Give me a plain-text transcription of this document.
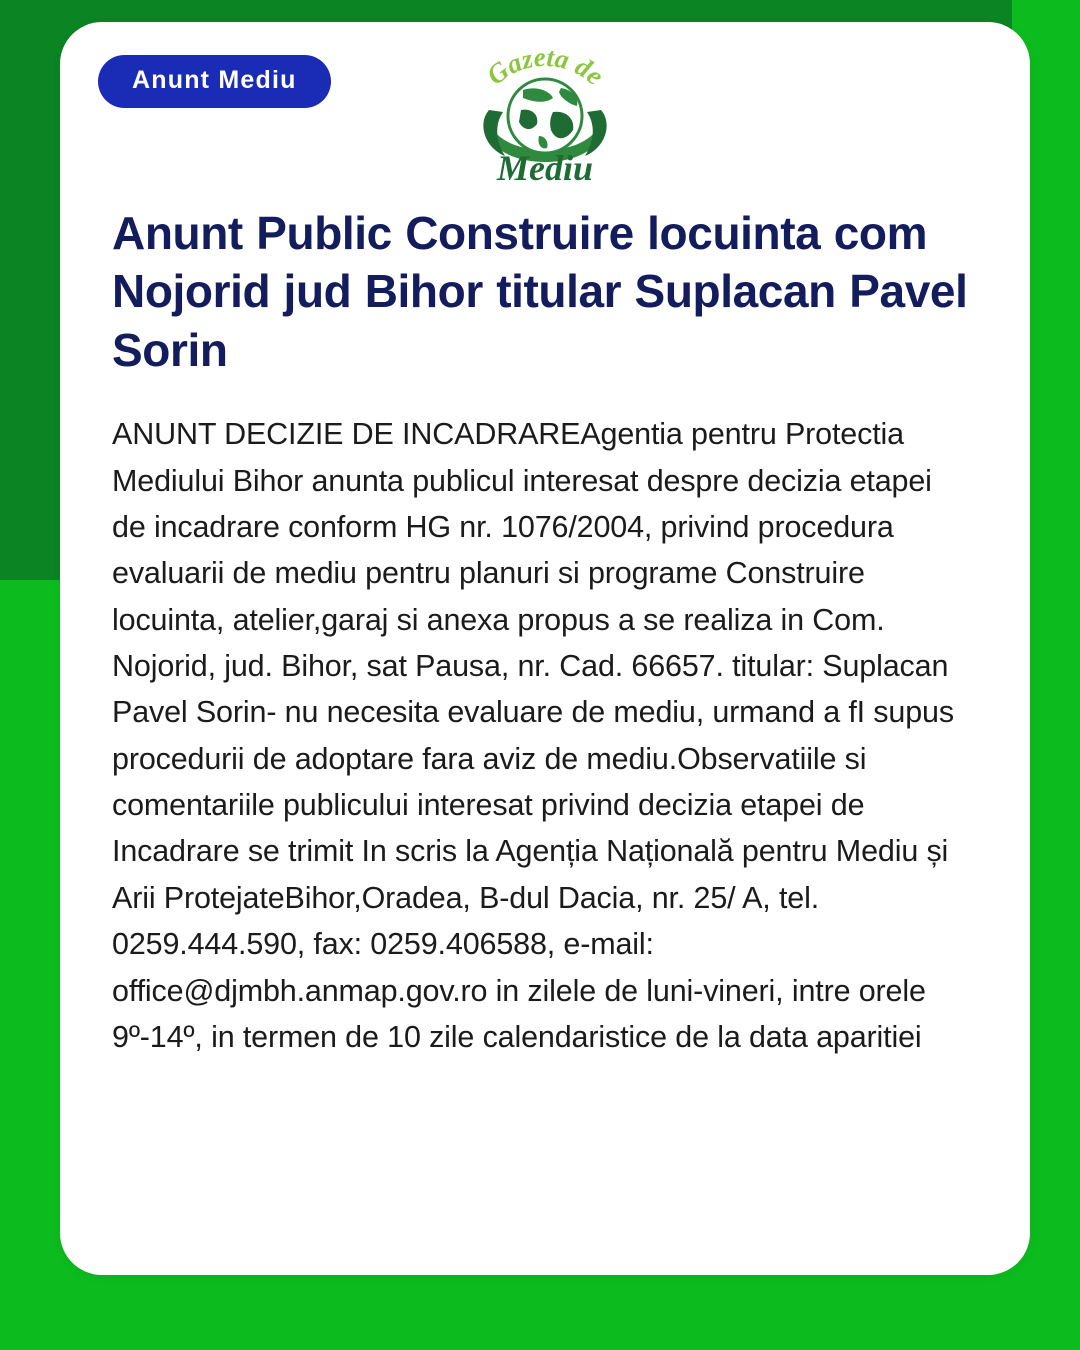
Anunt Mediu	Gazeta de
Mediu
Anunt Public Construire locuinta com Nojorid jud Bihor titular Suplacan Pavel Sorin

ANUNT DECIZIE DE INCADRAREAgentia pentru Protectia Mediului Bihor anunta publicul interesat despre decizia etapei de incadrare conform HG nr. 1076/2004, privind procedura evaluarii de mediu pentru planuri si programe Construire locuinta, atelier,garaj si anexa propus a se realiza in Com. Nojorid, jud. Bihor, sat Pausa, nr. Cad. 66657. titular: Suplacan Pavel Sorin- nu necesita evaluare de mediu, urmand a fI supus procedurii de adoptare fara aviz de mediu.Observatiile si comentariile publicului interesat privind decizia etapei de Incadrare se trimit In scris la Agenția Națională pentru Mediu și Arii ProtejateBihor,Oradea, B-dul Dacia, nr. 25/ A, tel. 0259.444.590, fax: 0259.406588, e-mail: office@djmbh.anmap.gov.ro in zilele de luni-vineri, intre orele 9º-14º, in termen de 10 zile calendaristice de la data aparitiei
